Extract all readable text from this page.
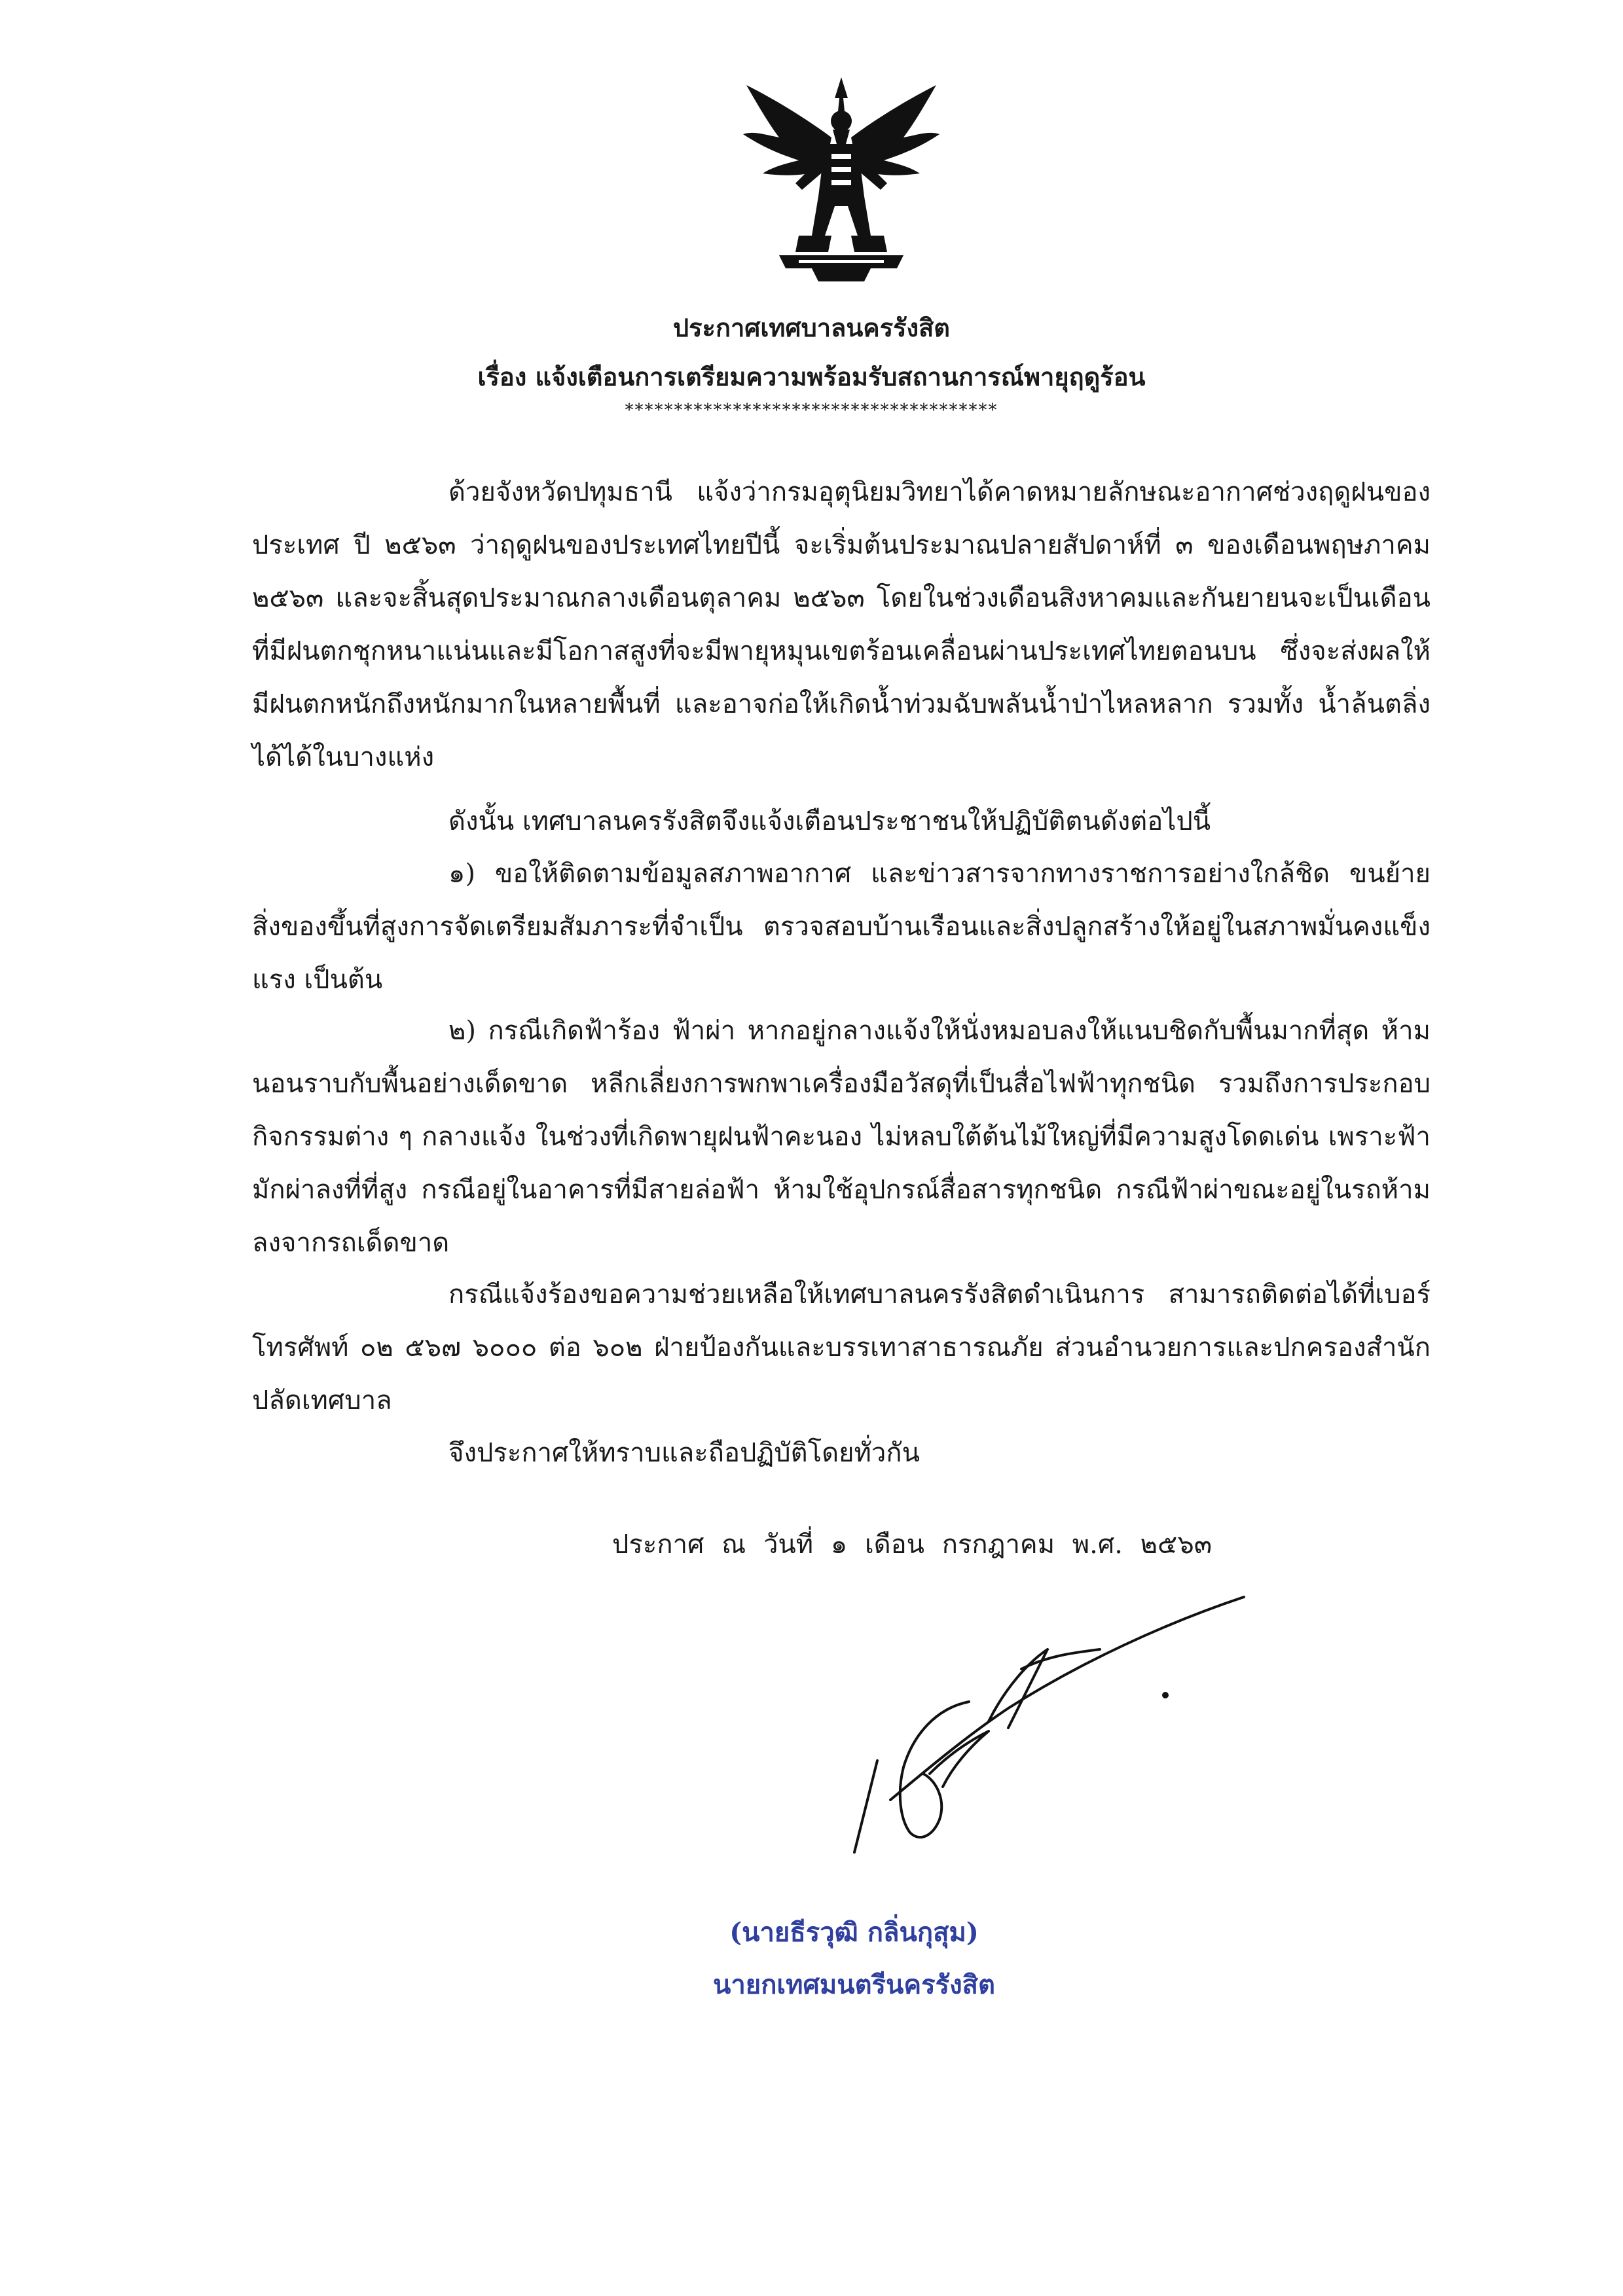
ประกาศเทศบาลนครรังสิต
เรื่อง แจ้งเตือนการเตรียมความพร้อมรับสถานการณ์พายุฤดูร้อน
**************************************
ด้วยจังหวัดปทุมธานี แจ้งว่ากรมอุตุนิยมวิทยาได้คาดหมายลักษณะอากาศช่วงฤดูฝนของประเทศ ปี ๒๕๖๓ ว่าฤดูฝนของประเทศไทยปีนี้ จะเริ่มต้นประมาณปลายสัปดาห์ที่ ๓ ของเดือนพฤษภาคม ๒๕๖๓ และจะสิ้นสุดประมาณกลางเดือนตุลาคม ๒๕๖๓ โดยในช่วงเดือนสิงหาคมและกันยายนจะเป็นเดือนที่มีฝนตกชุกหนาแน่นและมีโอกาสสูงที่จะมีพายุหมุนเขตร้อนเคลื่อนผ่านประเทศไทยตอนบน ซึ่งจะส่งผลให้มีฝนตกหนักถึงหนักมากในหลายพื้นที่ และอาจก่อให้เกิดน้ำท่วมฉับพลันน้ำป่าไหลหลาก รวมทั้ง น้ำล้นตลิ่งได้ได้ในบางแห่ง
ดังนั้น เทศบาลนครรังสิตจึงแจ้งเตือนประชาชนให้ปฏิบัติตนดังต่อไปนี้
๑) ขอให้ติดตามข้อมูลสภาพอากาศ และข่าวสารจากทางราชการอย่างใกล้ชิด ขนย้ายสิ่งของขึ้นที่สูงการจัดเตรียมสัมภาระที่จำเป็น ตรวจสอบบ้านเรือนและสิ่งปลูกสร้างให้อยู่ในสภาพมั่นคงแข็งแรง เป็นต้น
๒) กรณีเกิดฟ้าร้อง ฟ้าผ่า หากอยู่กลางแจ้งให้นั่งหมอบลงให้แนบชิดกับพื้นมากที่สุด ห้ามนอนราบกับพื้นอย่างเด็ดขาด หลีกเลี่ยงการพกพาเครื่องมือวัสดุที่เป็นสื่อไฟฟ้าทุกชนิด รวมถึงการประกอบกิจกรรมต่าง ๆ กลางแจ้ง ในช่วงที่เกิดพายุฝนฟ้าคะนอง ไม่หลบใต้ต้นไม้ใหญ่ที่มีความสูงโดดเด่น เพราะฟ้ามักผ่าลงที่ที่สูง กรณีอยู่ในอาคารที่มีสายล่อฟ้า ห้ามใช้อุปกรณ์สื่อสารทุกชนิด กรณีฟ้าผ่าขณะอยู่ในรถห้ามลงจากรถเด็ดขาด
กรณีแจ้งร้องขอความช่วยเหลือให้เทศบาลนครรังสิตดำเนินการ สามารถติดต่อได้ที่เบอร์โทรศัพท์ ๐๒ ๕๖๗ ๖๐๐๐ ต่อ ๖๐๒ ฝ่ายป้องกันและบรรเทาสาธารณภัย ส่วนอำนวยการและปกครองสำนักปลัดเทศบาล
จึงประกาศให้ทราบและถือปฏิบัติโดยทั่วกัน
ประกาศ ณ วันที่ ๑ เดือน กรกฎาคม พ.ศ. ๒๕๖๓
(นายธีรวุฒิ กลิ่นกุสุม)
นายกเทศมนตรีนครรังสิต
